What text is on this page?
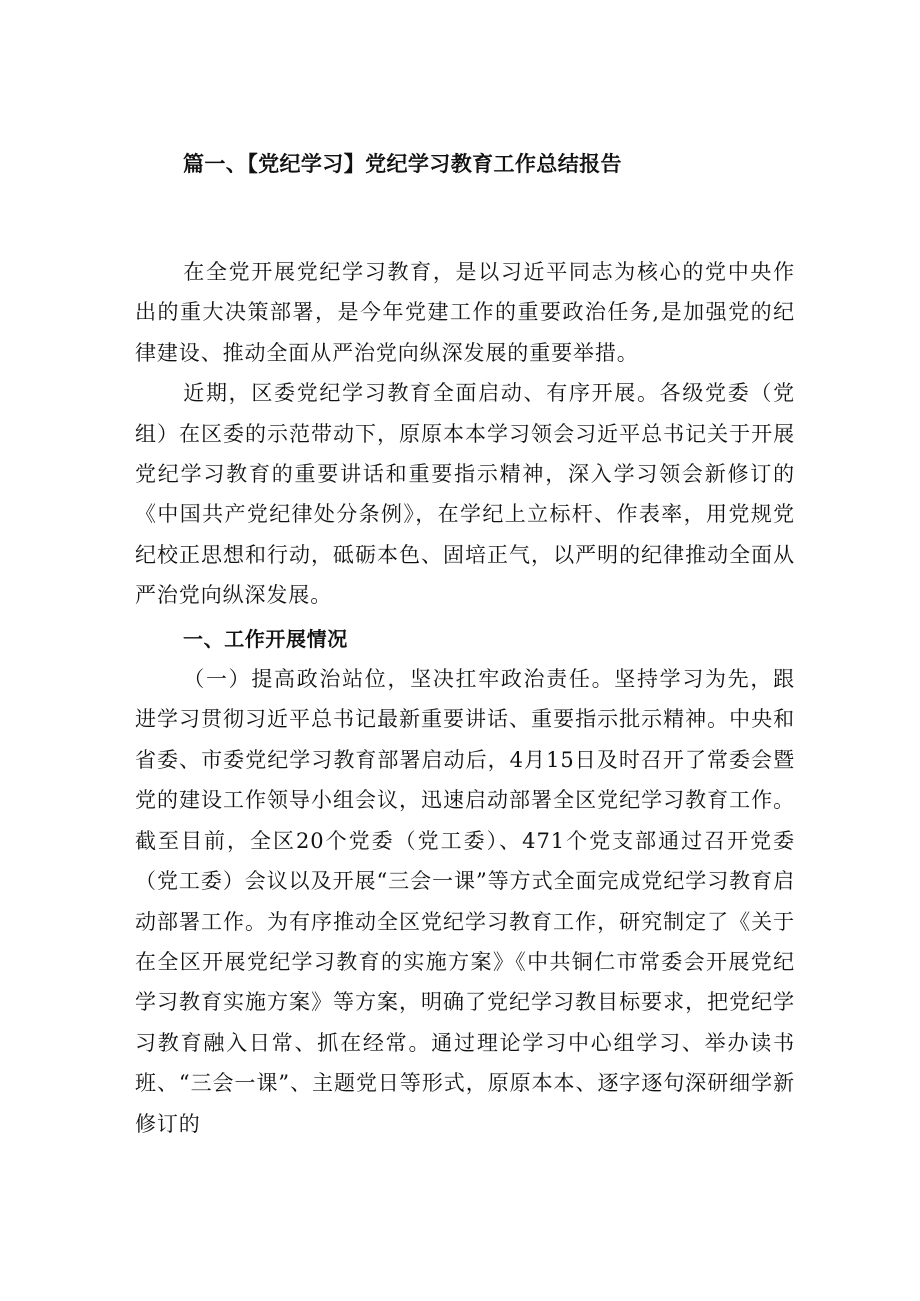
篇一、【党纪学习】党纪学习教育工作总结报告

在全党开展党纪学习教育，是以习近平同志为核心的党中央作出的重大决策部署，是今年党建工作的重要政治任务,是加强党的纪律建设、推动全面从严治党向纵深发展的重要举措。

近期，区委党纪学习教育全面启动、有序开展。各级党委（党组）在区委的示范带动下，原原本本学习领会习近平总书记关于开展党纪学习教育的重要讲话和重要指示精神，深入学习领会新修订的《中国共产党纪律处分条例》，在学纪上立标杆、作表率，用党规党纪校正思想和行动，砥砺本色、固培正气，以严明的纪律推动全面从严治党向纵深发展。

一、工作开展情况

（一）提高政治站位，坚决扛牢政治责任。坚持学习为先，跟进学习贯彻习近平总书记最新重要讲话、重要指示批示精神。中央和省委、市委党纪学习教育部署启动后，4月15日及时召开了常委会暨党的建设工作领导小组会议，迅速启动部署全区党纪学习教育工作。截至目前，全区20个党委（党工委）、471个党支部通过召开党委（党工委）会议以及开展“三会一课”等方式全面完成党纪学习教育启动部署工作。为有序推动全区党纪学习教育工作，研究制定了《关于在全区开展党纪学习教育的实施方案》《中共铜仁市常委会开展党纪学习教育实施方案》等方案，明确了党纪学习教目标要求，把党纪学习教育融入日常、抓在经常。通过理论学习中心组学习、举办读书班、“三会一课”、主题党日等形式，原原本本、逐字逐句深研细学新修订的
